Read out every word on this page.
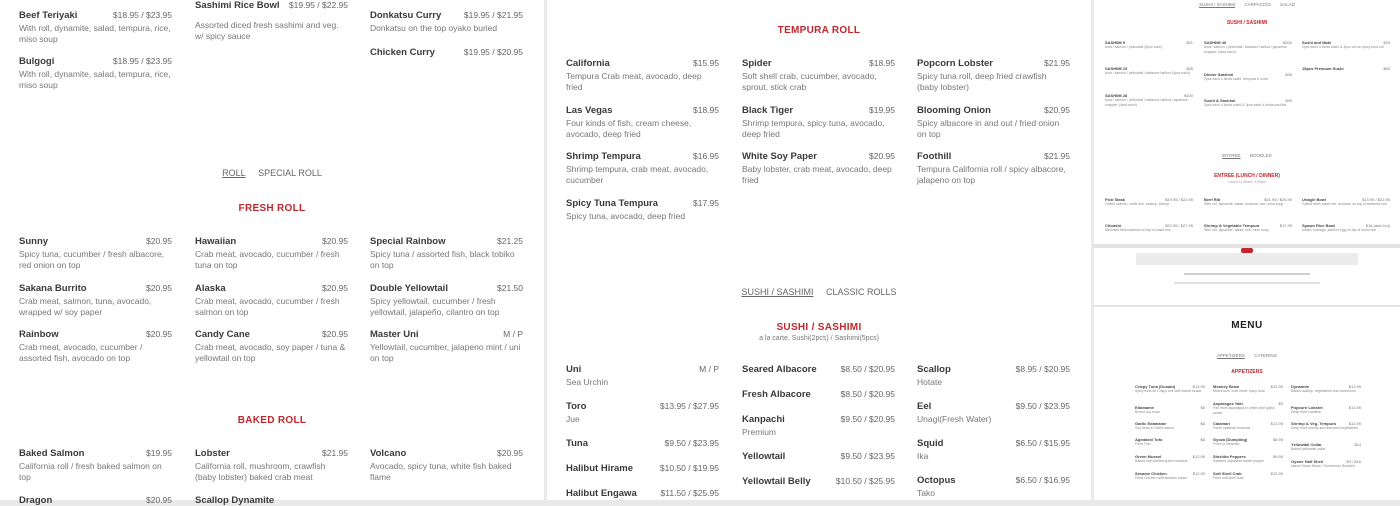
Beef Teriyaki	$18.95 / $23.95
With roll, dynamite, salad, tempura, rice, miso soup
Bulgogi	$18.95 / $23.95
With roll, dynamite, salad, tempura, rice, miso soup
Sashimi Rice Bowl $19.95 / $22.95
Assorted diced fresh sashimi and veg. w/ spicy sauce
Donkatsu Curry	$19.95 / $21.95
Donkatsu on the top oyako buried
Chicken Curry	$19.95 / $20.95
ROLL SPECIAL ROLL
FRESH ROLL
Sunny	$20.95
Spicy tuna, cucumber / fresh albacore, red onion on top
Sakana Burrito	$20.95
Crab meat, salmon, tuna, avocado, wrapped w/ soy paper
Rainbow	$20.95
Crab meat, avocado, cucumber / assorted fish, avocado on top
Hawaiian	$20.95
Crab meat, avocado, cucumber / fresh tuna on top
Alaska	$20.95
Crab meat, avocado, cucumber / fresh salmon on top
Candy Cane	$20.95
Crab meat, avocado, soy paper / tuna & yellowtail on top
Special Rainbow	$21.25
Spicy tuna / assorted fish, black tobiko on top
Double Yellowtail	$21.50
Spicy yellowtail, cucumber / fresh yellowtail, jalapeño, cilantro on top
Master Uni	M / P
Yellowtail, cucumber, jalapeno mint / uni on top
BAKED ROLL
Baked Salmon	$19.95
California roll / fresh baked salmon on top
Dragon	$20.95
Lobster	$21.95
California roll, mushroom, crawfish (baby lobster) baked crab meat
Scallop Dynamite
Volcano	$20.95
Avocado, spicy tuna, white fish baked flame
TEMPURA ROLL
California	$15.95
Tempura Crab meat, avocado, deep fried
Las Vegas	$18.95
Four kinds of fish, cream cheese, avocado, deep fried
Shrimp Tempura	$16.95
Shrimp tempura, crab meat, avocado, cucumber
Spicy Tuna Tempura	$17.95
Spicy tuna, avocado, deep fried
Spider	$18.95
Soft shell crab, cucumber, avocado, sprout, stick crab
Black Tiger	$19.95
Shrimp tempura, spicy tuna, avocado, deep fried
White Soy Paper	$20.95
Baby lobster, crab meat, avocado, deep fried
Popcorn Lobster	$21.95
Spicy tuna roll, deep fried crawfish (baby lobster)
Blooming Onion	$20.95
Spicy albacore in and out / fried onion on top
Foothill	$21.95
Tempura California roll / spicy albacore, jalapeno on top
SUSHI / SASHIMI CLASSIC ROLLS
SUSHI / SASHIMI
a la carte, Sushi(2pcs) / Sashimi(5pcs)
Uni	M / P
Sea Urchin
Toro	$13.95 / $27.95
Jue
Tuna	$9.50 / $23.95
Halibut Hirame	$10.50 / $19.95
Halibut Engawa	$11.50 / $25.95
Seared Albacore	$8.50 / $20.95
Fresh Albacore	$8.50 / $20.95
Kanpachi	$9.50 / $20.95
Premium
Yellowtail	$9.50 / $23.95
Yellowtail Belly	$10.50 / $25.95
Scallop	$8.95 / $20.95
Hotate
Eel	$9.50 / $23.95
Unagi(Fresh Water)
Squid	$6.50 / $15.95
Ika
Octopus	$6.50 / $16.95
Tako
SUSHI / SASHIMI CARPACCIO SALAD
SUSHI / SASHIMI
SASHIMI 9	$31
tuna / salmon / yellowtail (3pcs each)
SASHIMI 15	$35
tuna / salmon / yellowtail / albacore halibut (3pcs each)
SASHIMI 28	$100
tuna / salmon / yellowtail / albacore halibut / japanese snapper (4pcs each)
SASHIMI 40	$200
tuna / salmon / yellowtail / albacore halibut / japanese snapper (4pcs each)
Dinner Sashimi	$39
2pcs each 4 kinds sushi, tempura & more
Sushi & Sashimi	$49
2pcs each 4 kinds sushi & 3pcs each 4 kinds sashimi
Sushi and Maki	$33
2pcs each 4 kinds sushi & 4pcs cut on spicy tuna roll
15pcs Premium Sushi	$60
ENTREE NOODLES
ENTREE (LUNCH / DINNER)
Lunch 11:30am~3:00pm
Fish Steak	$19.95 / $22.95
Grilled salmon, white fish, scallop, shrimp
Chirashi	$22.95 / $27.95
Assorted fresh sashimi on top of sushi rice
Beef Rib	$21.95 / $25.95
With roll, dynamite, salad, tempura, rice, miso soup
Shrimp & Vegetable Tempura	$17.95
With roll, dynamite, salad, rice, miso soup
Unagie Bowl	$19.95 / $22.95
Grilled fresh water eel, avocado on top of steamed rice
Spawn Rice Bowl	$16 (add Uni)
tobiko, masago, salmon egg on top of sushi rice
MENU
APPETIZERS CATERING
APPETIZERS
Crispy Tuna (Donabi)	$13.95
Spicy tuna on Crispy rice with sweet sauce
Edamame	$6
Boiled soy bean
Garlic Edamame	$8
Soy bean in Garlic sauce
Agedashi Tofu	$8
Fried Tofu
Green Mussel	$12.95
Baked half shelled green mussels
Sesame Chicken	$12.95
Fried Chicken with sesame sauce
Monkey Brain	$12.95
Mushroom, crab meat, spicy tuna
Asparagus Yaki	$9
Pan fried asparagus in white wine garlic sauce
Calamari	$12.95
Fresh calamari tempura
Gyoza (Dumpling)	$8.95
Fried or steamed
Shishito Peppers	$9.95
Sauteed Japanese sweet pepper
Soft Shell Crab	$12.95
Fried soft shell crab
Dynamite	$13.95
Baked scallop, vegetables and mushroom
Popcorn Lobster	$13.95
Deep fried crawfish
Shrimp & Veg. Tempura	$13.95
Deep fried shrimp and assorted vegetables
Yellowtail Collar	$14
Baked yellowtail collar
Oyster Half Shell	$3 / $16
Name Name Name / Kumamoto (Market)
